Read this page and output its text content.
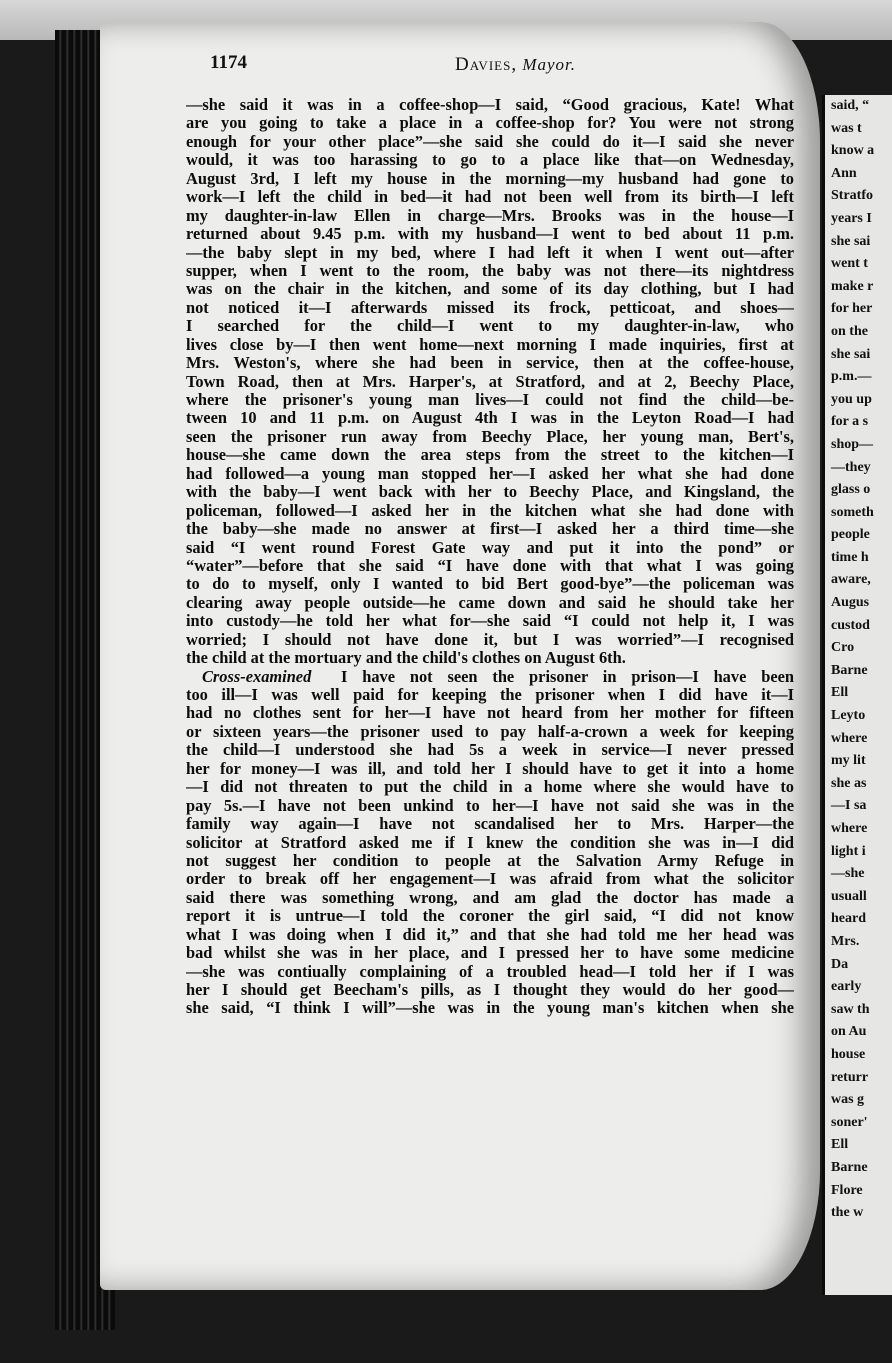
1174	Davies, Mayor.
—she said it was in a coffee-shop—I said, “Good gracious, Kate! What
are you going to take a place in a coffee-shop for? You were not strong
enough for your other place”—she said she could do it—I said she never
would, it was too harassing to go to a place like that—on Wednesday,
August 3rd, I left my house in the morning—my husband had gone to
work—I left the child in bed—it had not been well from its birth—I left
my daughter-in-law Ellen in charge—Mrs. Brooks was in the house—I
returned about 9.45 p.m. with my husband—I went to bed about 11 p.m.
—the baby slept in my bed, where I had left it when I went out—after
supper, when I went to the room, the baby was not there—its nightdress
was on the chair in the kitchen, and some of its day clothing, but I had
not noticed it—I afterwards missed its frock, petticoat, and shoes—
I searched for the child—I went to my daughter-in-law, who
lives close by—I then went home—next morning I made inquiries, first at
Mrs. Weston's, where she had been in service, then at the coffee-house,
Town Road, then at Mrs. Harper's, at Stratford, and at 2, Beechy Place,
where the prisoner's young man lives—I could not find the child—be-
tween 10 and 11 p.m. on August 4th I was in the Leyton Road—I had
seen the prisoner run away from Beechy Place, her young man, Bert's,
house—she came down the area steps from the street to the kitchen—I
had followed—a young man stopped her—I asked her what she had done
with the baby—I went back with her to Beechy Place, and Kingsland, the
policeman, followed—I asked her in the kitchen what she had done with
the baby—she made no answer at first—I asked her a third time—she
said “I went round Forest Gate way and put it into the pond” or
“water”—before that she said “I have done with that what I was going
to do to myself, only I wanted to bid Bert good-bye”—the policeman was
clearing away people outside—he came down and said he should take her
into custody—he told her what for—she said “I could not help it, I was
worried; I should not have done it, but I was worried”—I recognised
the child at the mortuary and the child's clothes on August 6th.
Cross-examined I have not seen the prisoner in prison—I have been
too ill—I was well paid for keeping the prisoner when I did have it—I
had no clothes sent for her—I have not heard from her mother for fifteen
or sixteen years—the prisoner used to pay half-a-crown a week for keeping
the child—I understood she had 5s a week in service—I never pressed
her for money—I was ill, and told her I should have to get it into a home
—I did not threaten to put the child in a home where she would have to
pay 5s.—I have not been unkind to her—I have not said she was in the
family way again—I have not scandalised her to Mrs. Harper—the
solicitor at Stratford asked me if I knew the condition she was in—I did
not suggest her condition to people at the Salvation Army Refuge in
order to break off her engagement—I was afraid from what the solicitor
said there was something wrong, and am glad the doctor has made a
report it is untrue—I told the coroner the girl said, “I did not know
what I was doing when I did it,” and that she had told me her head was
bad whilst she was in her place, and I pressed her to have some medicine
—she was contiually complaining of a troubled head—I told her if I was
her I should get Beecham's pills, as I thought they would do her good—
she said, “I think I will”—she was in the young man's kitchen when she
said, “
was t
know a
Ann
Stratfo
years I
she sai
went t
make r
for her
on the
she sai
p.m.—
you up
for a s
shop—
—they
glass o
someth
people
time h
aware,
Augus
custod
Cro
Barne
Ell
Leyto
where
my lit
she as
—I sa
where
light i
—she
usuall
heard
Mrs.
Da
early
saw th
on Au
house
returr
was g
soner'
Ell
Barne
Flore
the w
